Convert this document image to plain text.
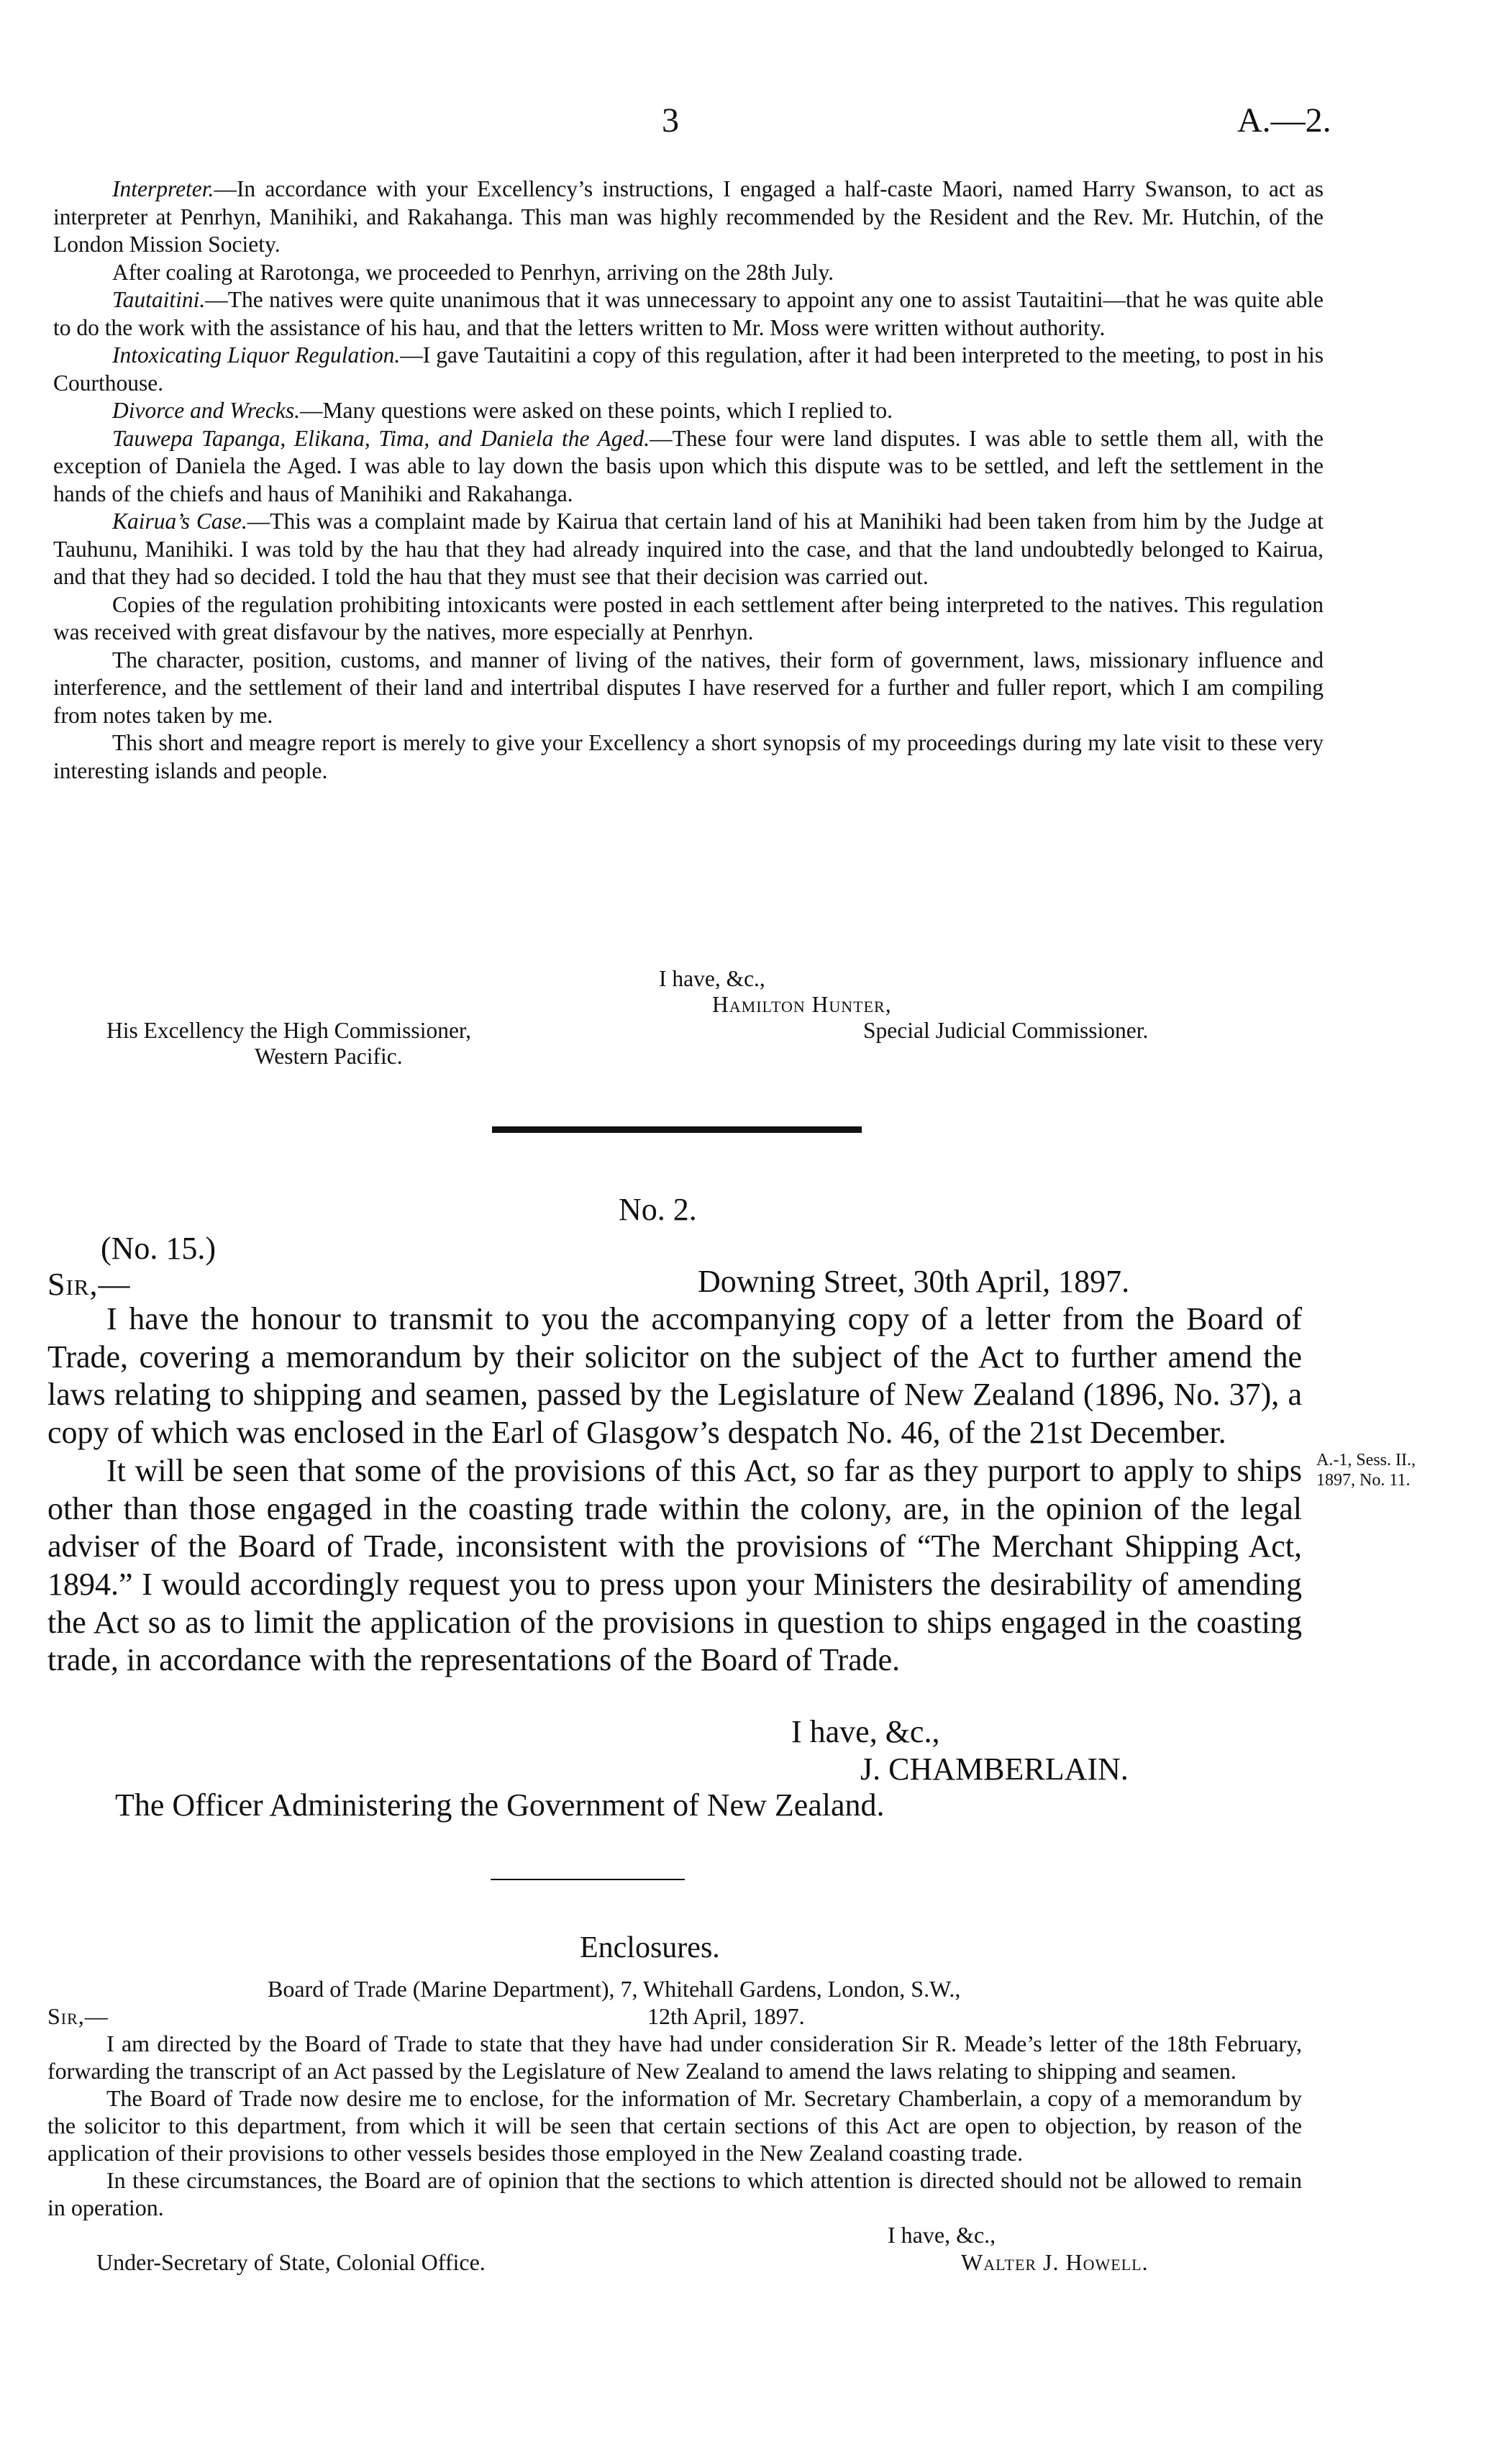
3	A.—2.

Interpreter.—In accordance with your Excellency’s instructions, I engaged a half-caste Maori, named Harry Swanson, to act as interpreter at Penrhyn, Manihiki, and Rakahanga. This man was highly recommended by the Resident and the Rev. Mr. Hutchin, of the London Mission Society.

After coaling at Rarotonga, we proceeded to Penrhyn, arriving on the 28th July.

Tautaitini.—The natives were quite unanimous that it was unnecessary to appoint any one to assist Tautaitini—that he was quite able to do the work with the assistance of his hau, and that the letters written to Mr. Moss were written without authority.

Intoxicating Liquor Regulation.—I gave Tautaitini a copy of this regulation, after it had been interpreted to the meeting, to post in his Courthouse.

Divorce and Wrecks.—Many questions were asked on these points, which I replied to.

Tauwepa Tapanga, Elikana, Tima, and Daniela the Aged.—These four were land disputes. I was able to settle them all, with the exception of Daniela the Aged. I was able to lay down the basis upon which this dispute was to be settled, and left the settlement in the hands of the chiefs and haus of Manihiki and Rakahanga.

Kairua’s Case.—This was a complaint made by Kairua that certain land of his at Manihiki had been taken from him by the Judge at Tauhunu, Manihiki. I was told by the hau that they had already inquired into the case, and that the land undoubtedly belonged to Kairua, and that they had so decided. I told the hau that they must see that their decision was carried out.

Copies of the regulation prohibiting intoxicants were posted in each settlement after being interpreted to the natives. This regulation was received with great disfavour by the natives, more especially at Penrhyn.

The character, position, customs, and manner of living of the natives, their form of government, laws, missionary influence and interference, and the settlement of their land and intertribal disputes I have reserved for a further and fuller report, which I am compiling from notes taken by me.

This short and meagre report is merely to give your Excellency a short synopsis of my proceedings during my late visit to these very interesting islands and people.

I have, &c.,
Hamilton Hunter,
His Excellency the High Commissioner,	Special Judicial Commissioner.
Western Pacific.
No. 2.
(No. 15.)
Sir,—	Downing Street, 30th April, 1897.

I have the honour to transmit to you the accompanying copy of a letter from the Board of Trade, covering a memorandum by their solicitor on the subject of the Act to further amend the laws relating to shipping and seamen, passed by the Legislature of New Zealand (1896, No. 37), a copy of which was enclosed in the Earl of Glasgow’s despatch No. 46, of the 21st December.

It will be seen that some of the provisions of this Act, so far as they purport to apply to ships other than those engaged in the coasting trade within the colony, are, in the opinion of the legal adviser of the Board of Trade, inconsistent with the provisions of “The Merchant Shipping Act, 1894.” I would accordingly request you to press upon your Ministers the desirability of amending the Act so as to limit the application of the provisions in question to ships engaged in the coasting trade, in accordance with the representations of the Board of Trade.

A.-1, Sess. II.,
1897, No. 11.
I have, &c.,
J. CHAMBERLAIN.
The Officer Administering the Government of New Zealand.
Enclosures.
Board of Trade (Marine Department), 7, Whitehall Gardens, London, S.W.,
Sir,—	12th April, 1897.

I am directed by the Board of Trade to state that they have had under consideration Sir R. Meade’s letter of the 18th February, forwarding the transcript of an Act passed by the Legislature of New Zealand to amend the laws relating to shipping and seamen.

The Board of Trade now desire me to enclose, for the information of Mr. Secretary Chamberlain, a copy of a memorandum by the solicitor to this department, from which it will be seen that certain sections of this Act are open to objection, by reason of the application of their provisions to other vessels besides those employed in the New Zealand coasting trade.

In these circumstances, the Board are of opinion that the sections to which attention is directed should not be allowed to remain in operation.

I have, &c.,
Under-Secretary of State, Colonial Office.	Walter J. Howell.
